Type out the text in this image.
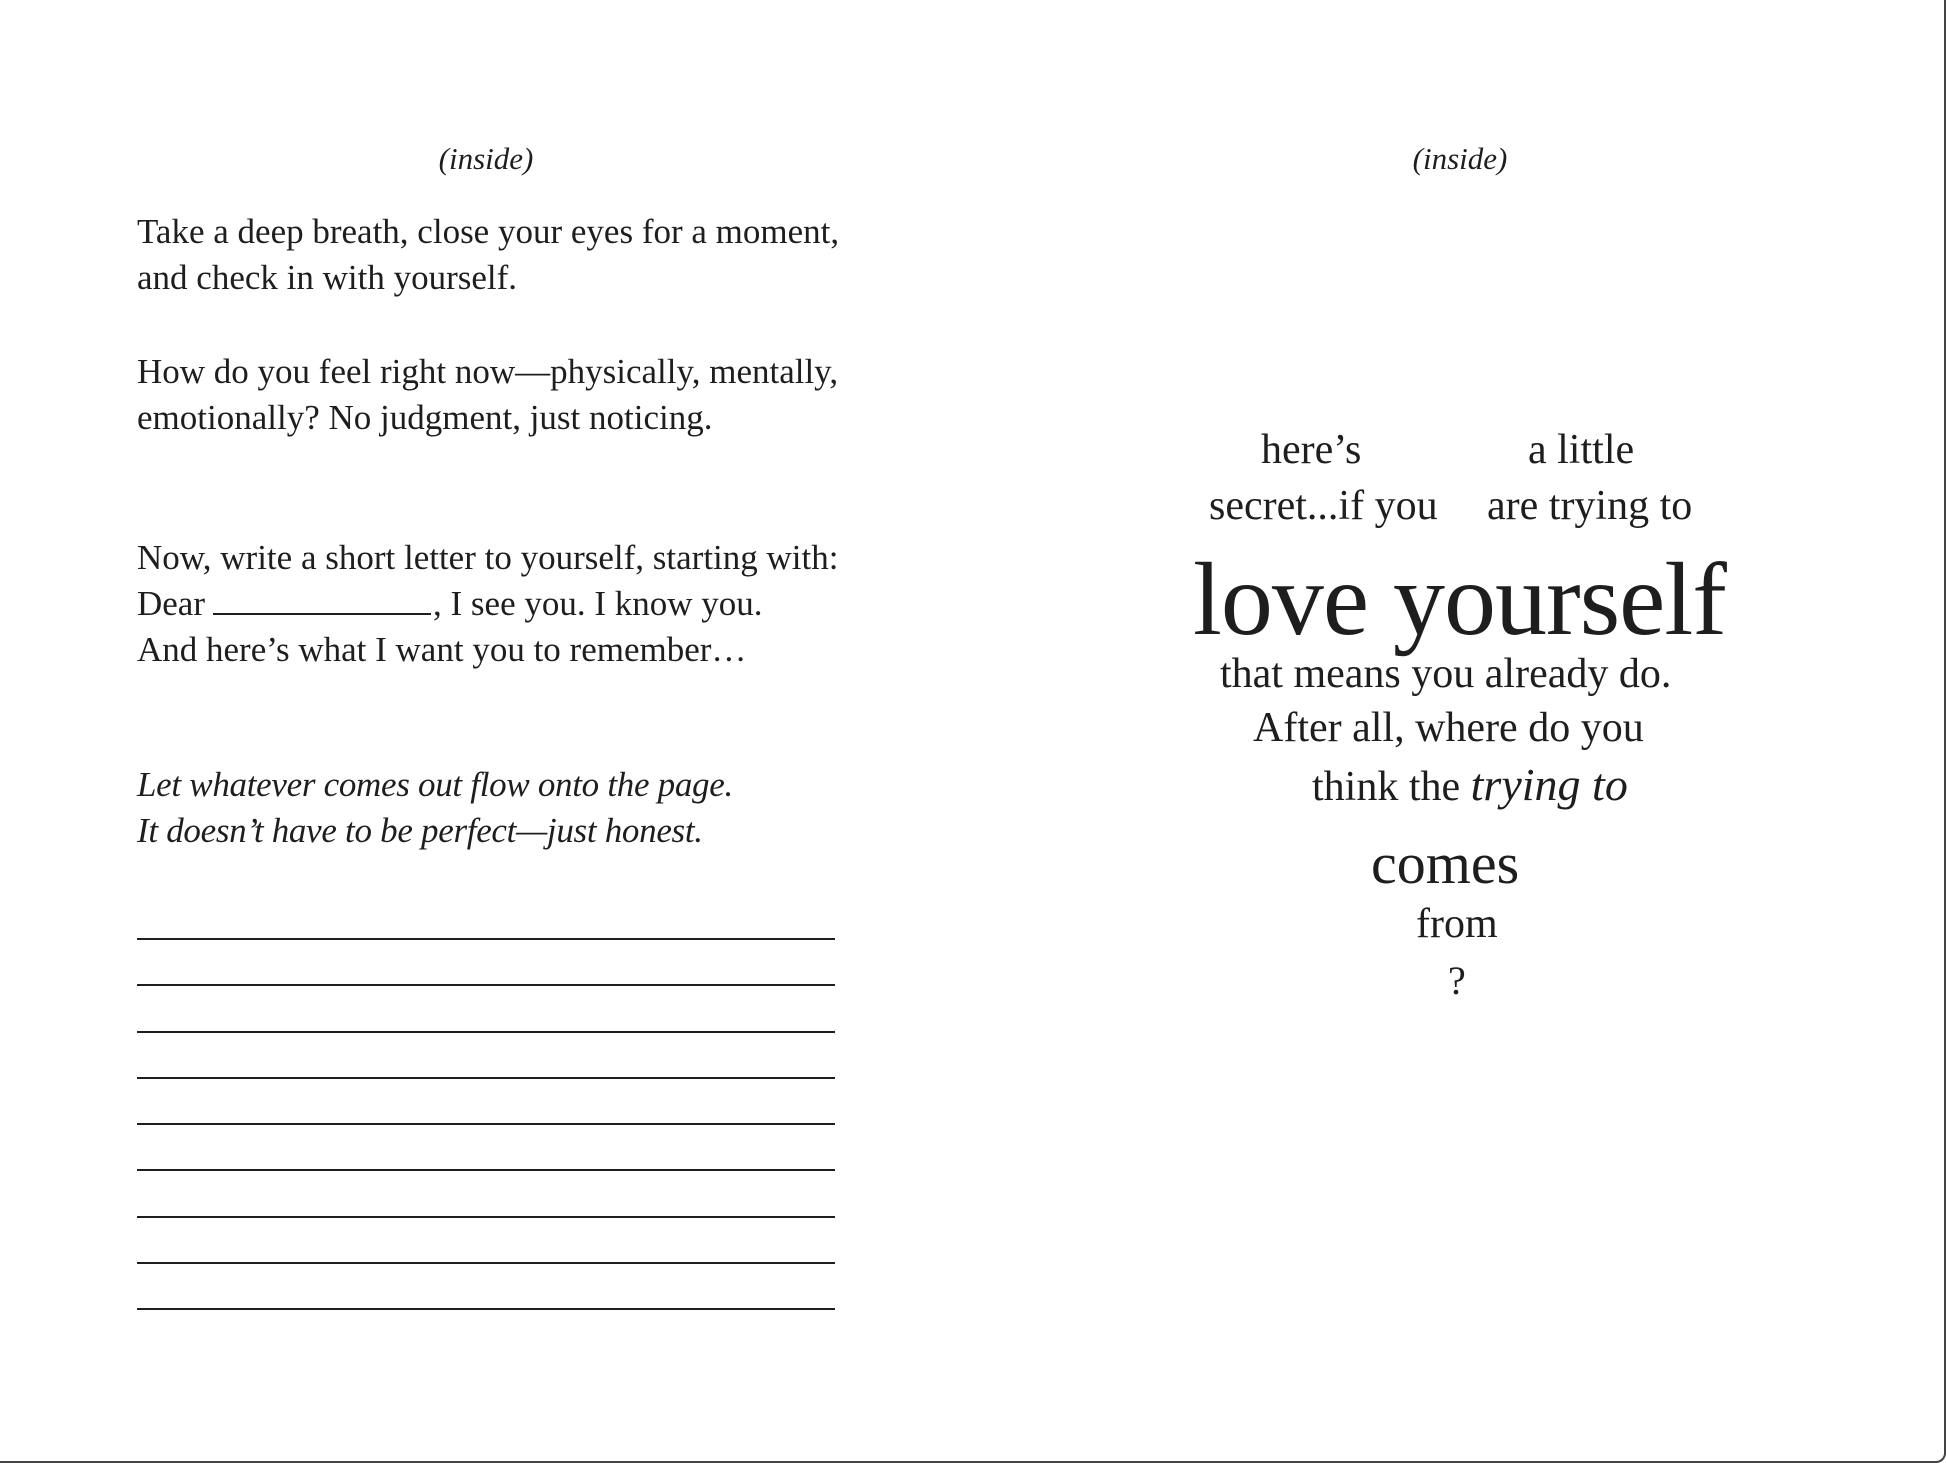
(inside)

Take a deep breath, close your eyes for a moment, and check in with yourself.

How do you feel right now—physically, mentally, emotionally? No judgment, just noticing.

Now, write a short letter to yourself, starting with:
Dear	, I see you. I know you.
And here’s what I want you to remember…

Let whatever comes out flow onto the page.
It doesn’t have to be perfect—just honest.

(inside)
here’s	a little
secret...if you are trying to
love yourself
that means you already do.
After all, where do you
think the trying to
comes
from
?
